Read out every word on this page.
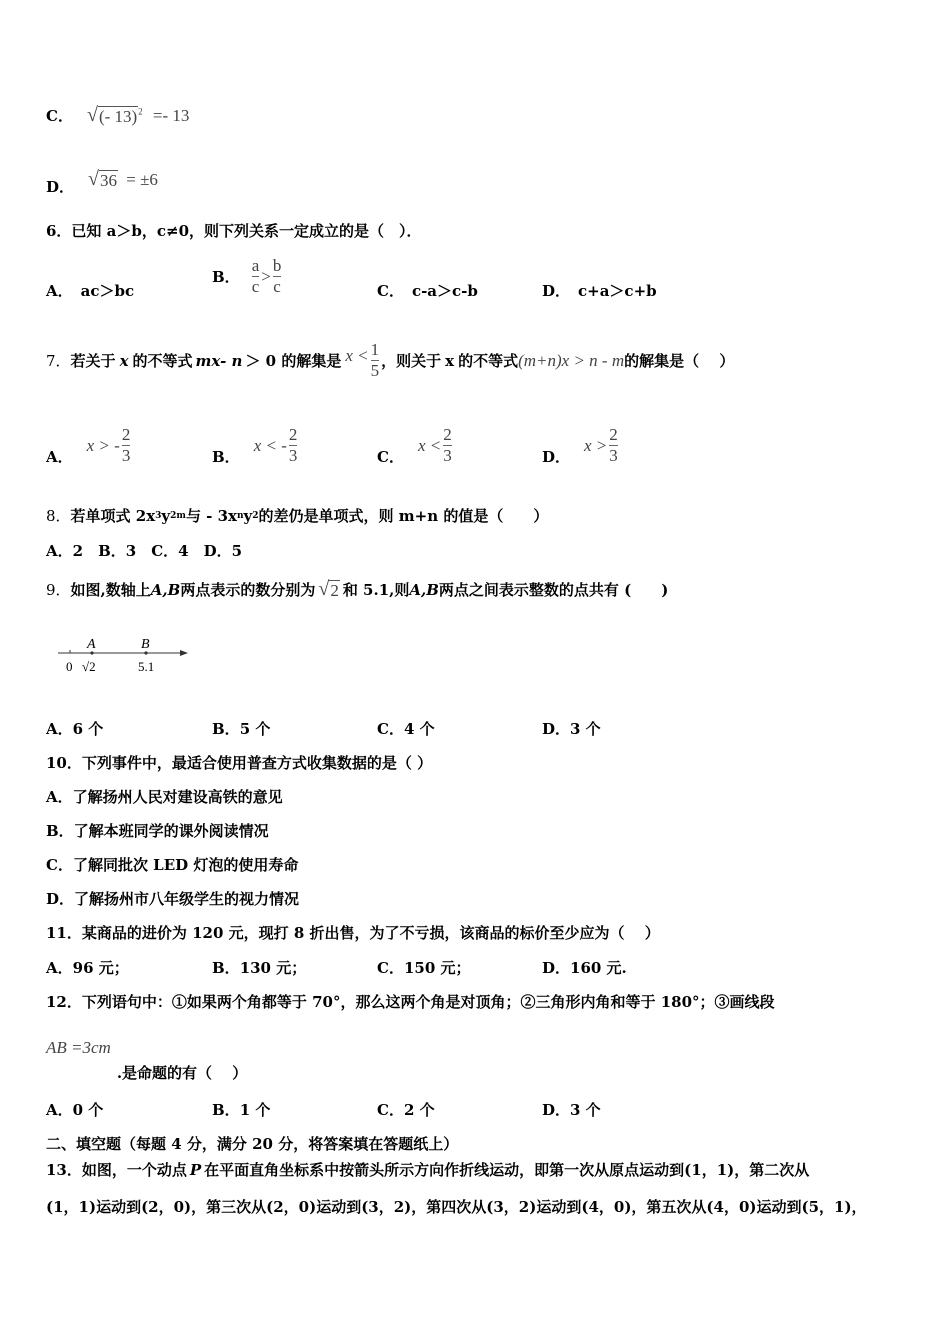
C． √ (- 13) $^2$ =- 13
D． √ 36 = ±6
6．已知 a＞b，c≠0，则下列关系一定成立的是（　）．
A． ac＞bc
B． $\frac{a}{c} > \frac{b}{c}$	C． c-a＞c-b	D． c+a＞c+b
7． 若关于 x 的不等式 mx- n ＞ 0 的解集是 $x < \frac{1}{5}$ ，则关于 x 的不等式 (m+n)x > n - m 的解集是（　 ）
A．
x > - $\frac{2}{3}$	B．
x < - $\frac{2}{3}$	C．
$x < \frac{2}{3}$	D．
$x > \frac{2}{3}$
8． 若单项式 2x 3 y 2m 与 - 3x n y 2 的差仍是单项式，则 m+n 的值是（　　）
A．2　B．3　C．4　D．5
9． 如图,数轴上 A,B 两点表示的数分别为 √ 2 和 5.1,则 A,B 两点之间表示整数的点共有 (　　)
A	B
0 √2	5.1
A． 6 个	B． 5 个	C． 4 个	D． 3 个
10．下列事件中，最适合使用普查方式收集数据的是（ ）
A．了解扬州人民对建设高铁的意见
B．了解本班同学的课外阅读情况
C．了解同批次 LED 灯泡的使用寿命
D．了解扬州市八年级学生的视力情况
11．某商品的进价为 120 元，现打 8 折出售，为了不亏损，该商品的标价至少应为（　 ）
A． 96 元；	B． 130 元；	C． 150 元；	D． 160 元.
12．下列语句中：①如果两个角都等于 70°，那么这两个角是对顶角；②三角形内角和等于 180°；③画线段
AB =3cm
.是命题的有（　 ）
A． 0 个	B． 1 个	C． 2 个	D． 3 个
二、填空题（每题 4 分，满分 20 分，将答案填在答题纸上）
13．如图，一个动点 P 在平面直角坐标系中按箭头所示方向作折线运动，即第一次从原点运动到(1，1)，第二次从
(1，1)运动到(2，0)，第三次从(2，0)运动到(3，2)，第四次从(3，2)运动到(4，0)，第五次从(4，0)运动到(5，1)，
